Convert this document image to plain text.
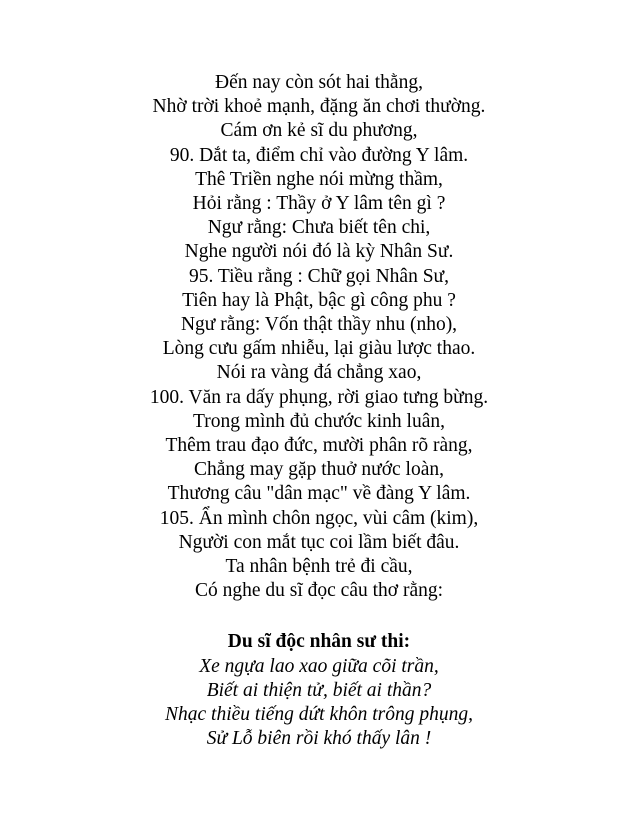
Đến nay còn sót hai thằng,
Nhờ trời khoẻ mạnh, đặng ăn chơi thường.
Cám ơn kẻ sĩ du phương,
90. Dắt ta, điểm chỉ vào đường Y lâm.
Thê Triền nghe nói mừng thầm,
Hỏi rằng : Thầy ở Y lâm tên gì ?
Ngư rằng: Chưa biết tên chi,
Nghe người nói đó là kỳ Nhân Sư.
95. Tiều rằng : Chữ gọi Nhân Sư,
Tiên hay là Phật, bậc gì công phu ?
Ngư rằng: Vốn thật thầy nhu (nho),
Lòng cưu gấm nhiễu, lại giàu lược thao.
Nói ra vàng đá chẳng xao,
100. Văn ra dấy phụng, rời giao tưng bừng.
Trong mình đủ chước kinh luân,
Thêm trau đạo đức, mười phân rõ ràng,
Chẳng may gặp thuở nước loàn,
Thương câu "dân mạc" về đàng Y lâm.
105. Ẩn mình chôn ngọc, vùi câm (kim),
Người con mắt tục coi lầm biết đâu.
Ta nhân bệnh trẻ đi cầu,
Có nghe du sĩ đọc câu thơ rằng:
Du sĩ độc nhân sư thi:
Xe ngựa lao xao giữa cõi trần,
Biết ai thiện tử, biết ai thần?
Nhạc thiều tiếng dứt khôn trông phụng,
Sử Lỗ biên rồi khó thấy lân !
